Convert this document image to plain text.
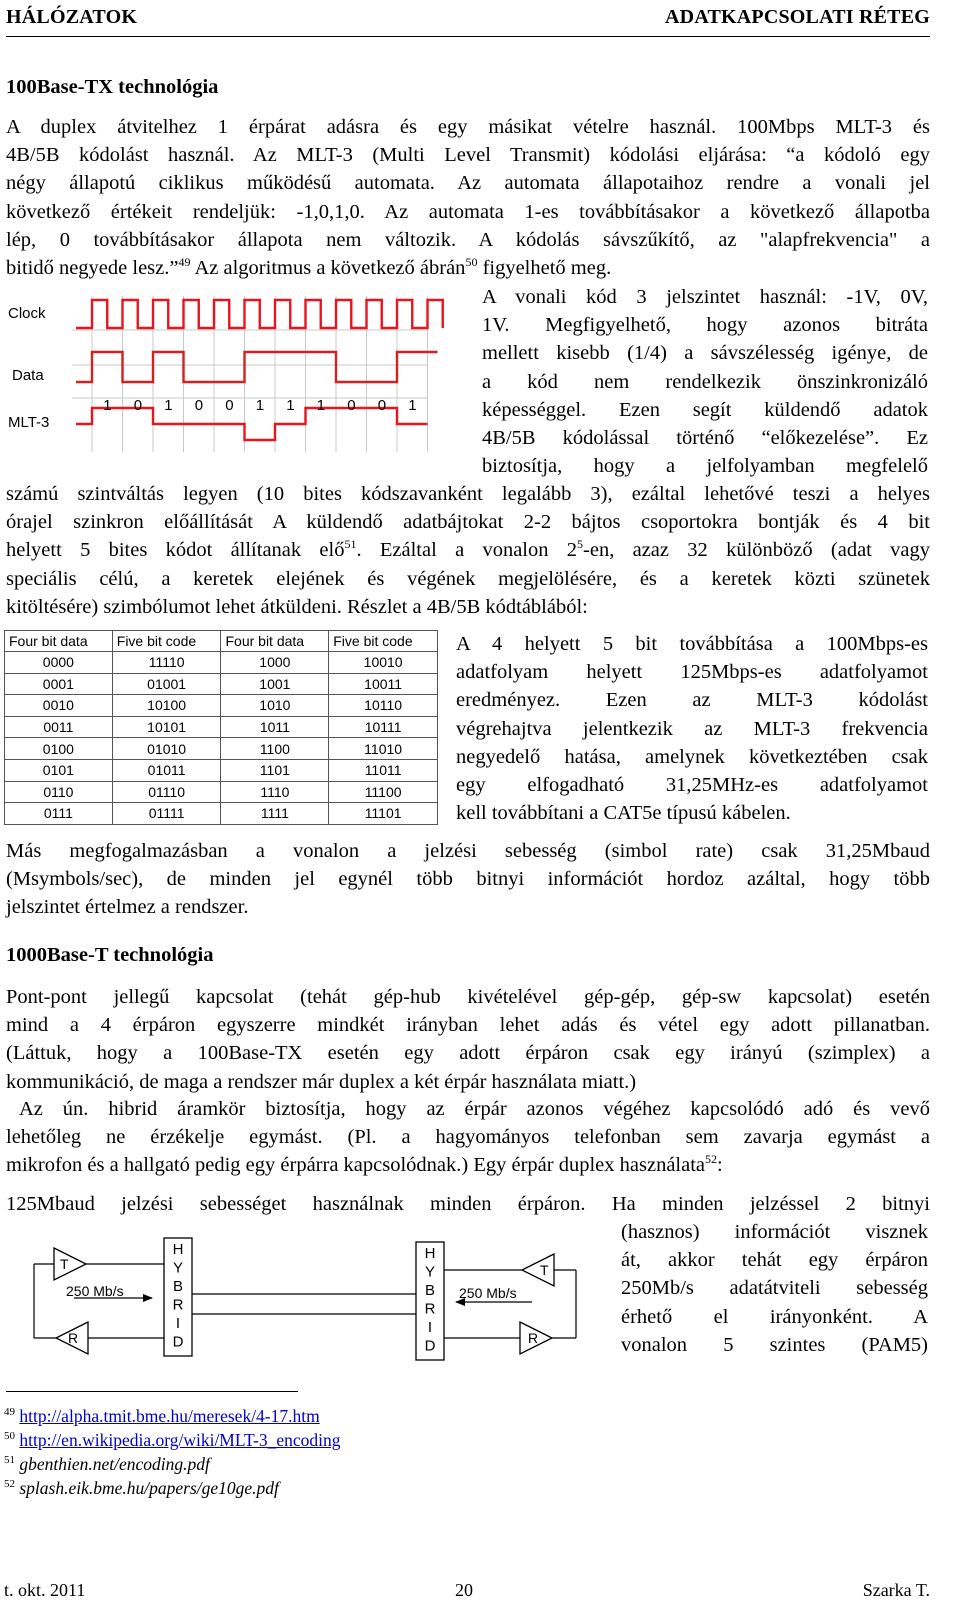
HÁLÓZATOK	ADATKAPCSOLATI RÉTEG
100Base-TX technológia
A duplex átvitelhez 1 érpárat adásra és egy másikat vételre használ. 100Mbps MLT-3 és
4B/5B kódolást használ. Az MLT-3 (Multi Level Transmit) kódolási eljárása: “a kódoló egy
négy állapotú ciklikus működésű automata. Az automata állapotaihoz rendre a vonali jel
következő értékeit rendeljük: -1,0,1,0. Az automata 1-es továbbításakor a következő állapotba
lép, 0 továbbításakor állapota nem változik. A kódolás sávszűkítő, az "alapfrekvencia" a
bitidő negyede lesz.”$^{49}$ Az algoritmus a következő ábrán$^{50}$ figyelhető meg.
Clock
Data
MLT-3
1 0 1 0 0 1 1 1 0 0 1
A vonali kód 3 jelszintet használ: -1V, 0V,
1V. Megfigyelhető, hogy azonos bitráta
mellett kisebb (1/4) a sávszélesség igénye, de
a kód nem rendelkezik önszinkronizáló
képességgel. Ezen segít küldendő adatok
4B/5B kódolással történő “előkezelése”. Ez
biztosítja, hogy a jelfolyamban megfelelő
számú szintváltás legyen (10 bites kódszavanként legalább 3), ezáltal lehetővé teszi a helyes
órajel szinkron előállítását A küldendő adatbájtokat 2-2 bájtos csoportokra bontják és 4 bit
helyett 5 bites kódot állítanak elő$^{51}$. Ezáltal a vonalon $2^5-en$, azaz 32 különböző (adat vagy
speciális célú, a keretek elejének és végének megjelölésére, és a keretek közti szünetek
kitöltésére) szimbólumot lehet átküldeni. Részlet a 4B/5B kódtáblából:
Four bit data	Five bit code	Four bit data	Five bit code
0000	11110	1000	10010
0001	01001	1001	10011
0010	10100	1010	10110
0011	10101	1011	10111
0100	01010	1100	11010
0101	01011	1101	11011
0110	01110	1110	11100
0111	01111	1111	11101
A 4 helyett 5 bit továbbítása a 100Mbps-es
adatfolyam helyett 125Mbps-es adatfolyamot
eredményez. Ezen az MLT-3 kódolást
végrehajtva jelentkezik az MLT-3 frekvencia
negyedelő hatása, amelynek következtében csak
egy elfogadható 31,25MHz-es adatfolyamot
kell továbbítani a CAT5e típusú kábelen.
Más megfogalmazásban a vonalon a jelzési sebesség (simbol rate) csak 31,25Mbaud
(Msymbols/sec), de minden jel egynél több bitnyi információt hordoz azáltal, hogy több
jelszintet értelmez a rendszer.
1000Base-T technológia
Pont-pont jellegű kapcsolat (tehát gép-hub kivételével gép-gép, gép-sw kapcsolat) esetén
mind a 4 érpáron egyszerre mindkét irányban lehet adás és vétel egy adott pillanatban.
(Láttuk, hogy a 100Base-TX esetén egy adott érpáron csak egy irányú (szimplex) a
kommunikáció, de maga a rendszer már duplex a két érpár használata miatt.)
Az ún. hibrid áramkör biztosítja, hogy az érpár azonos végéhez kapcsolódó adó és vevő
lehetőleg ne érzékelje egymást. (Pl. a hagyományos telefonban sem zavarja egymást a
mikrofon és a hallgató pedig egy érpárra kapcsolódnak.) Egy érpár duplex használata$^{52}$:
125Mbaud jelzési sebességet használnak minden érpáron. Ha minden jelzéssel 2 bitnyi
(hasznos) információt visznek
át, akkor tehát egy érpáron
250Mb/s adatátviteli sebesség
érhető el irányonként. A
vonalon 5 szintes (PAM5)
250 Mb/s	250 Mb/s
T
R
T
R
H
Y
B
R
I
D
H
Y
B
R
I
D
$^{49}$ http://alpha.tmit.bme.hu/meresek/4-17.htm
$^{50}$ http://en.wikipedia.org/wiki/MLT-3_encoding
$^{51}$ gbenthien.net/encoding.pdf
$^{52}$ splash.eik.bme.hu/papers/ge10ge.pdf
t. okt. 2011	20	Szarka T.
